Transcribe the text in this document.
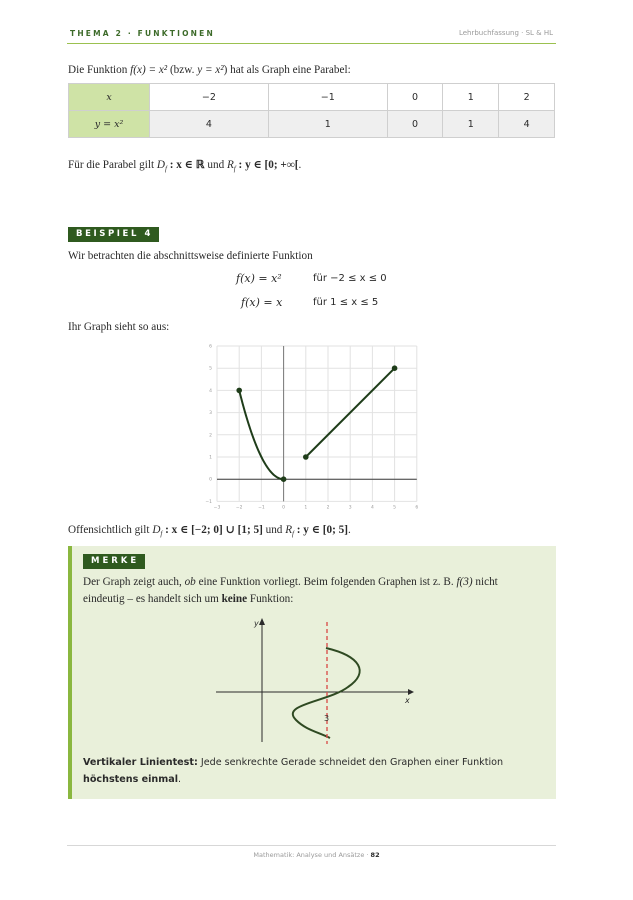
THEMA 2 · FUNKTIONEN	Lehrbuchfassung · SL & HL
Die Funktion f(x) = x² (bzw. y = x²) hat als Graph eine Parabel:
x	−2	−1	0	1	2
y = x²	4	1	0	1	4
Für die Parabel gilt $D_f$ : x ∈ ℝ und $R_f$ : y ∈ [0; +∞[.
BEISPIEL 4
Wir betrachten die abschnittsweise definierte Funktion
f(x) = x²	für −2 ≤ x ≤ 0
f(x) = x	für 1 ≤ x ≤ 5
Ihr Graph sieht so aus:
−3	−2	−1	0	1	2	3	4	5	6
−1
0
1
2
3
4
5
6
Offensichtlich gilt $D_f$ : x ∈ [−2; 0] ∪ [1; 5] und $R_f$ : y ∈ [0; 5].
MERKE
Der Graph zeigt auch, ob eine Funktion vorliegt. Beim folgenden Graphen ist z. B. f(3) nicht
eindeutig – es handelt sich um keine Funktion:
y
x
3
Vertikaler Linientest: Jede senkrechte Gerade schneidet den Graphen einer Funktion
höchstens einmal.
Mathematik: Analyse und Ansätze · 82
